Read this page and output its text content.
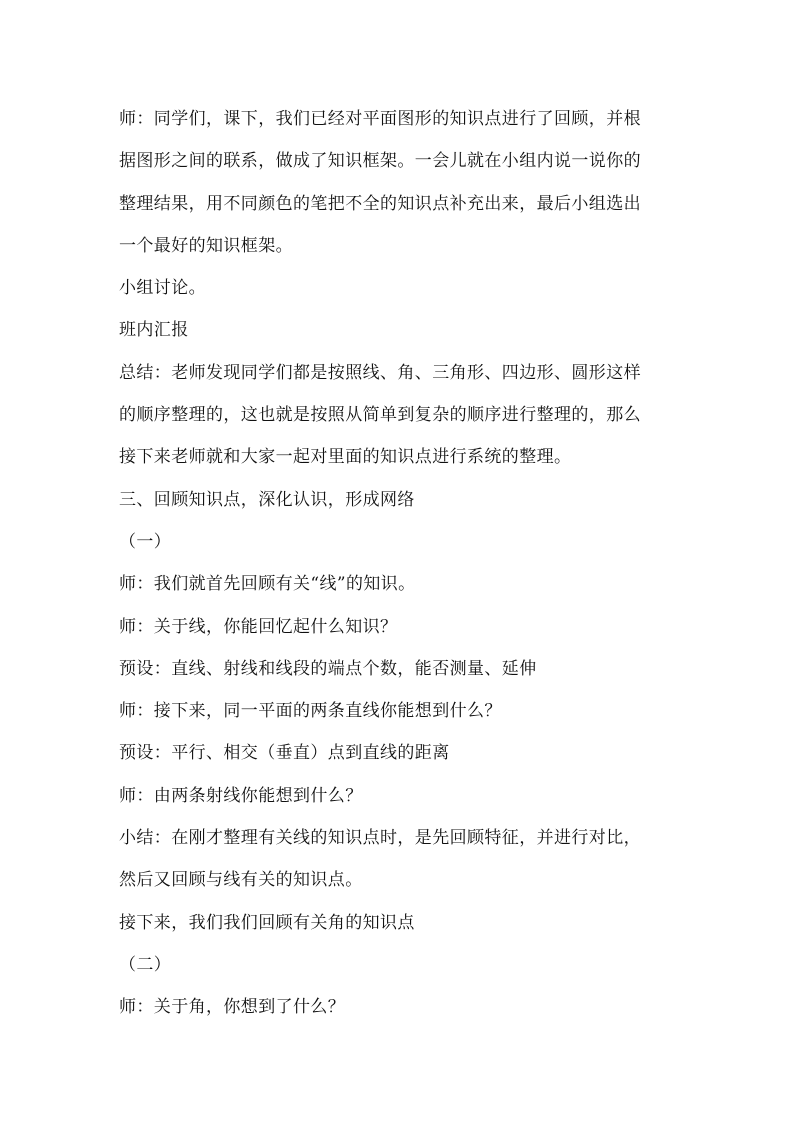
师：同学们，课下，我们已经对平面图形的知识点进行了回顾，并根
据图形之间的联系，做成了知识框架。一会儿就在小组内说一说你的
整理结果，用不同颜色的笔把不全的知识点补充出来，最后小组选出
一个最好的知识框架。
小组讨论。
班内汇报
总结：老师发现同学们都是按照线、角、三角形、四边形、圆形这样
的顺序整理的，这也就是按照从简单到复杂的顺序进行整理的，那么
接下来老师就和大家一起对里面的知识点进行系统的整理。
三、回顾知识点，深化认识，形成网络
（一）
师：我们就首先回顾有关“线”的知识。
师：关于线，你能回忆起什么知识？
预设：直线、射线和线段的端点个数，能否测量、延伸
师：接下来，同一平面的两条直线你能想到什么？
预设：平行、相交（垂直）点到直线的距离
师：由两条射线你能想到什么？
小结：在刚才整理有关线的知识点时，是先回顾特征，并进行对比，
然后又回顾与线有关的知识点。
接下来，我们我们回顾有关角的知识点
（二）
师：关于角，你想到了什么？
